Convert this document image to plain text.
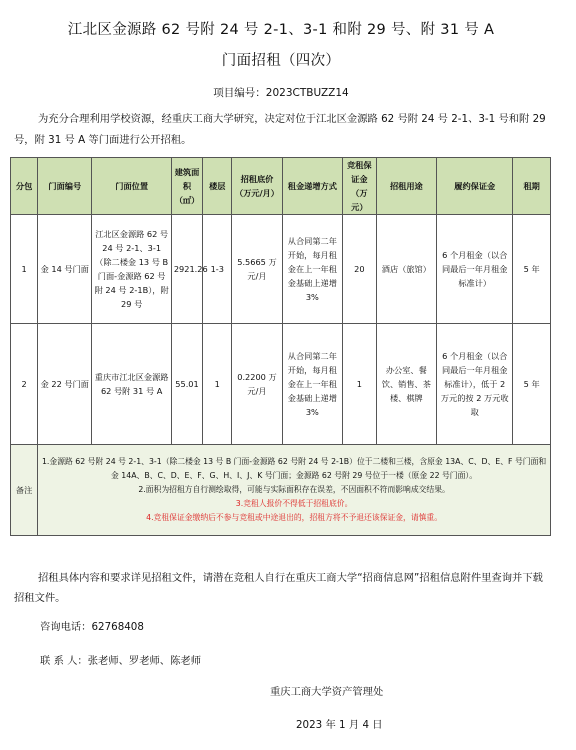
江北区金源路 62 号附 24 号 2-1、3-1 和附 29 号、附 31 号 A
门面招租（四次）
项目编号：2023CTBUZZ14
为充分合理利用学校资源，经重庆工商大学研究，决定对位于江北区金源路 62 号附 24 号 2-1、3-1 号和附 29 号，附 31 号 A 等门面进行公开招租。
分包	门面编号	门面位置	建筑面积（㎡）	楼层	招租底价（万元/月）	租金递增方式	竞租保证金（万元）	招租用途	履约保证金	租期
1	金 14 号门面	江北区金源路 62 号 24 号 2-1、3-1（除二楼金 13 号 B 门面-金源路 62 号附 24 号 2-1B），附 29 号	2921.26	1-3	5.5665 万元/月	从合同第二年开始，每月租金在上一年租金基础上递增 3%	20	酒店（旅馆）	6 个月租金（以合同最后一年月租金标准计）	5 年
2	金 22 号门面	重庆市江北区金源路 62 号附 31 号 A	55.01	1	0.2200 万元/月	从合同第二年开始，每月租金在上一年租金基础上递增 3%	1	办公室、餐饮、销售、茶楼、棋牌	6 个月租金（以合同最后一年月租金标准计），低于 2 万元的按 2 万元收取	5 年
备注	1.金源路 62 号附 24 号 2-1、3-1（除二楼金 13 号 B 门面-金源路 62 号附 24 号 2-1B）位于二楼和三楼，含原金 13A、C、D、E、F 号门面和金 14A、B、C、D、E、F、G、H、I、J、K 号门面；金源路 62 号附 29 号位于一楼（原金 22 号门面）。
2.面积为招租方自行测绘取得，可能与实际面积存在误差，不因面积不符而影响成交结果。
3.竞租人报价不得低于招租底价。
4.竞租保证金缴纳后不参与竞租或中途退出的，招租方将不予退还该保证金，请慎重。									
招租具体内容和要求详见招租文件，请潜在竞租人自行在重庆工商大学“招商信息网”招租信息附件里查询并下载招租文件。
咨询电话：62768408
联 系 人：张老师、罗老师、陈老师
重庆工商大学资产管理处
2023 年 1 月 4 日
